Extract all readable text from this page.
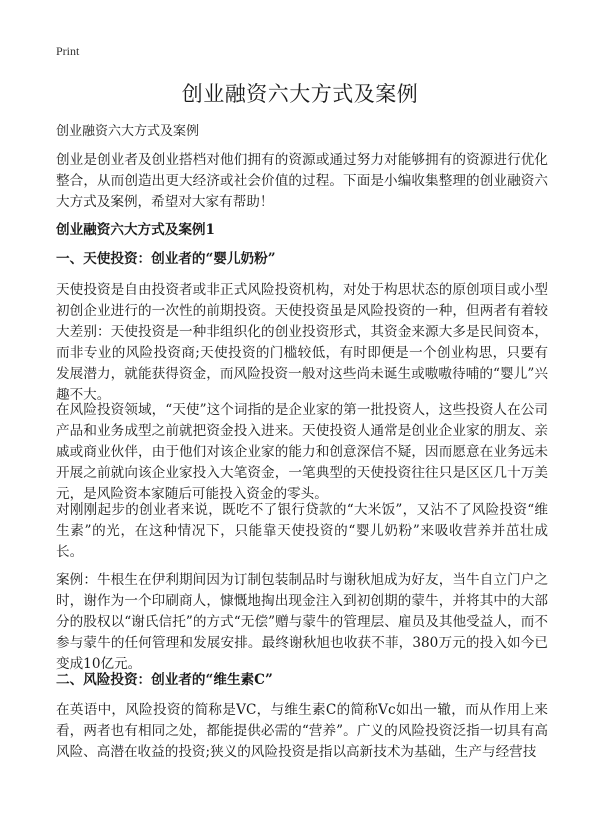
Print
创业融资六大方式及案例
创业融资六大方式及案例
创业是创业者及创业搭档对他们拥有的资源或通过努力对能够拥有的资源进行优化整合，从而创造出更大经济或社会价值的过程。下面是小编收集整理的创业融资六大方式及案例，希望对大家有帮助！
创业融资六大方式及案例1
一、天使投资：创业者的“婴儿奶粉”
天使投资是自由投资者或非正式风险投资机构，对处于构思状态的原创项目或小型初创企业进行的一次性的前期投资。天使投资虽是风险投资的一种，但两者有着较大差别：天使投资是一种非组织化的创业投资形式，其资金来源大多是民间资本，而非专业的风险投资商;天使投资的门槛较低，有时即便是一个创业构思，只要有发展潜力，就能获得资金，而风险投资一般对这些尚未诞生或嗷嗷待哺的“婴儿”兴趣不大。
在风险投资领域，“天使”这个词指的是企业家的第一批投资人，这些投资人在公司产品和业务成型之前就把资金投入进来。天使投资人通常是创业企业家的朋友、亲戚或商业伙伴，由于他们对该企业家的能力和创意深信不疑，因而愿意在业务远未开展之前就向该企业家投入大笔资金，一笔典型的天使投资往往只是区区几十万美元，是风险资本家随后可能投入资金的零头。
对刚刚起步的创业者来说，既吃不了银行贷款的“大米饭”，又沾不了风险投资“维生素”的光，在这种情况下，只能靠天使投资的“婴儿奶粉”来吸收营养并茁壮成长。
案例：牛根生在伊利期间因为订制包装制品时与谢秋旭成为好友，当牛自立门户之时，谢作为一个印刷商人，慷慨地掏出现金注入到初创期的蒙牛，并将其中的大部分的股权以“谢氏信托”的方式“无偿”赠与蒙牛的管理层、雇员及其他受益人，而不参与蒙牛的任何管理和发展安排。最终谢秋旭也收获不菲，380万元的投入如今已变成10亿元。
二、风险投资：创业者的“维生素C”
在英语中，风险投资的简称是VC，与维生素C的简称Vc如出一辙，而从作用上来看，两者也有相同之处，都能提供必需的“营养”。广义的风险投资泛指一切具有高风险、高潜在收益的投资;狭义的风险投资是指以高新技术为基础，生产与经营技
